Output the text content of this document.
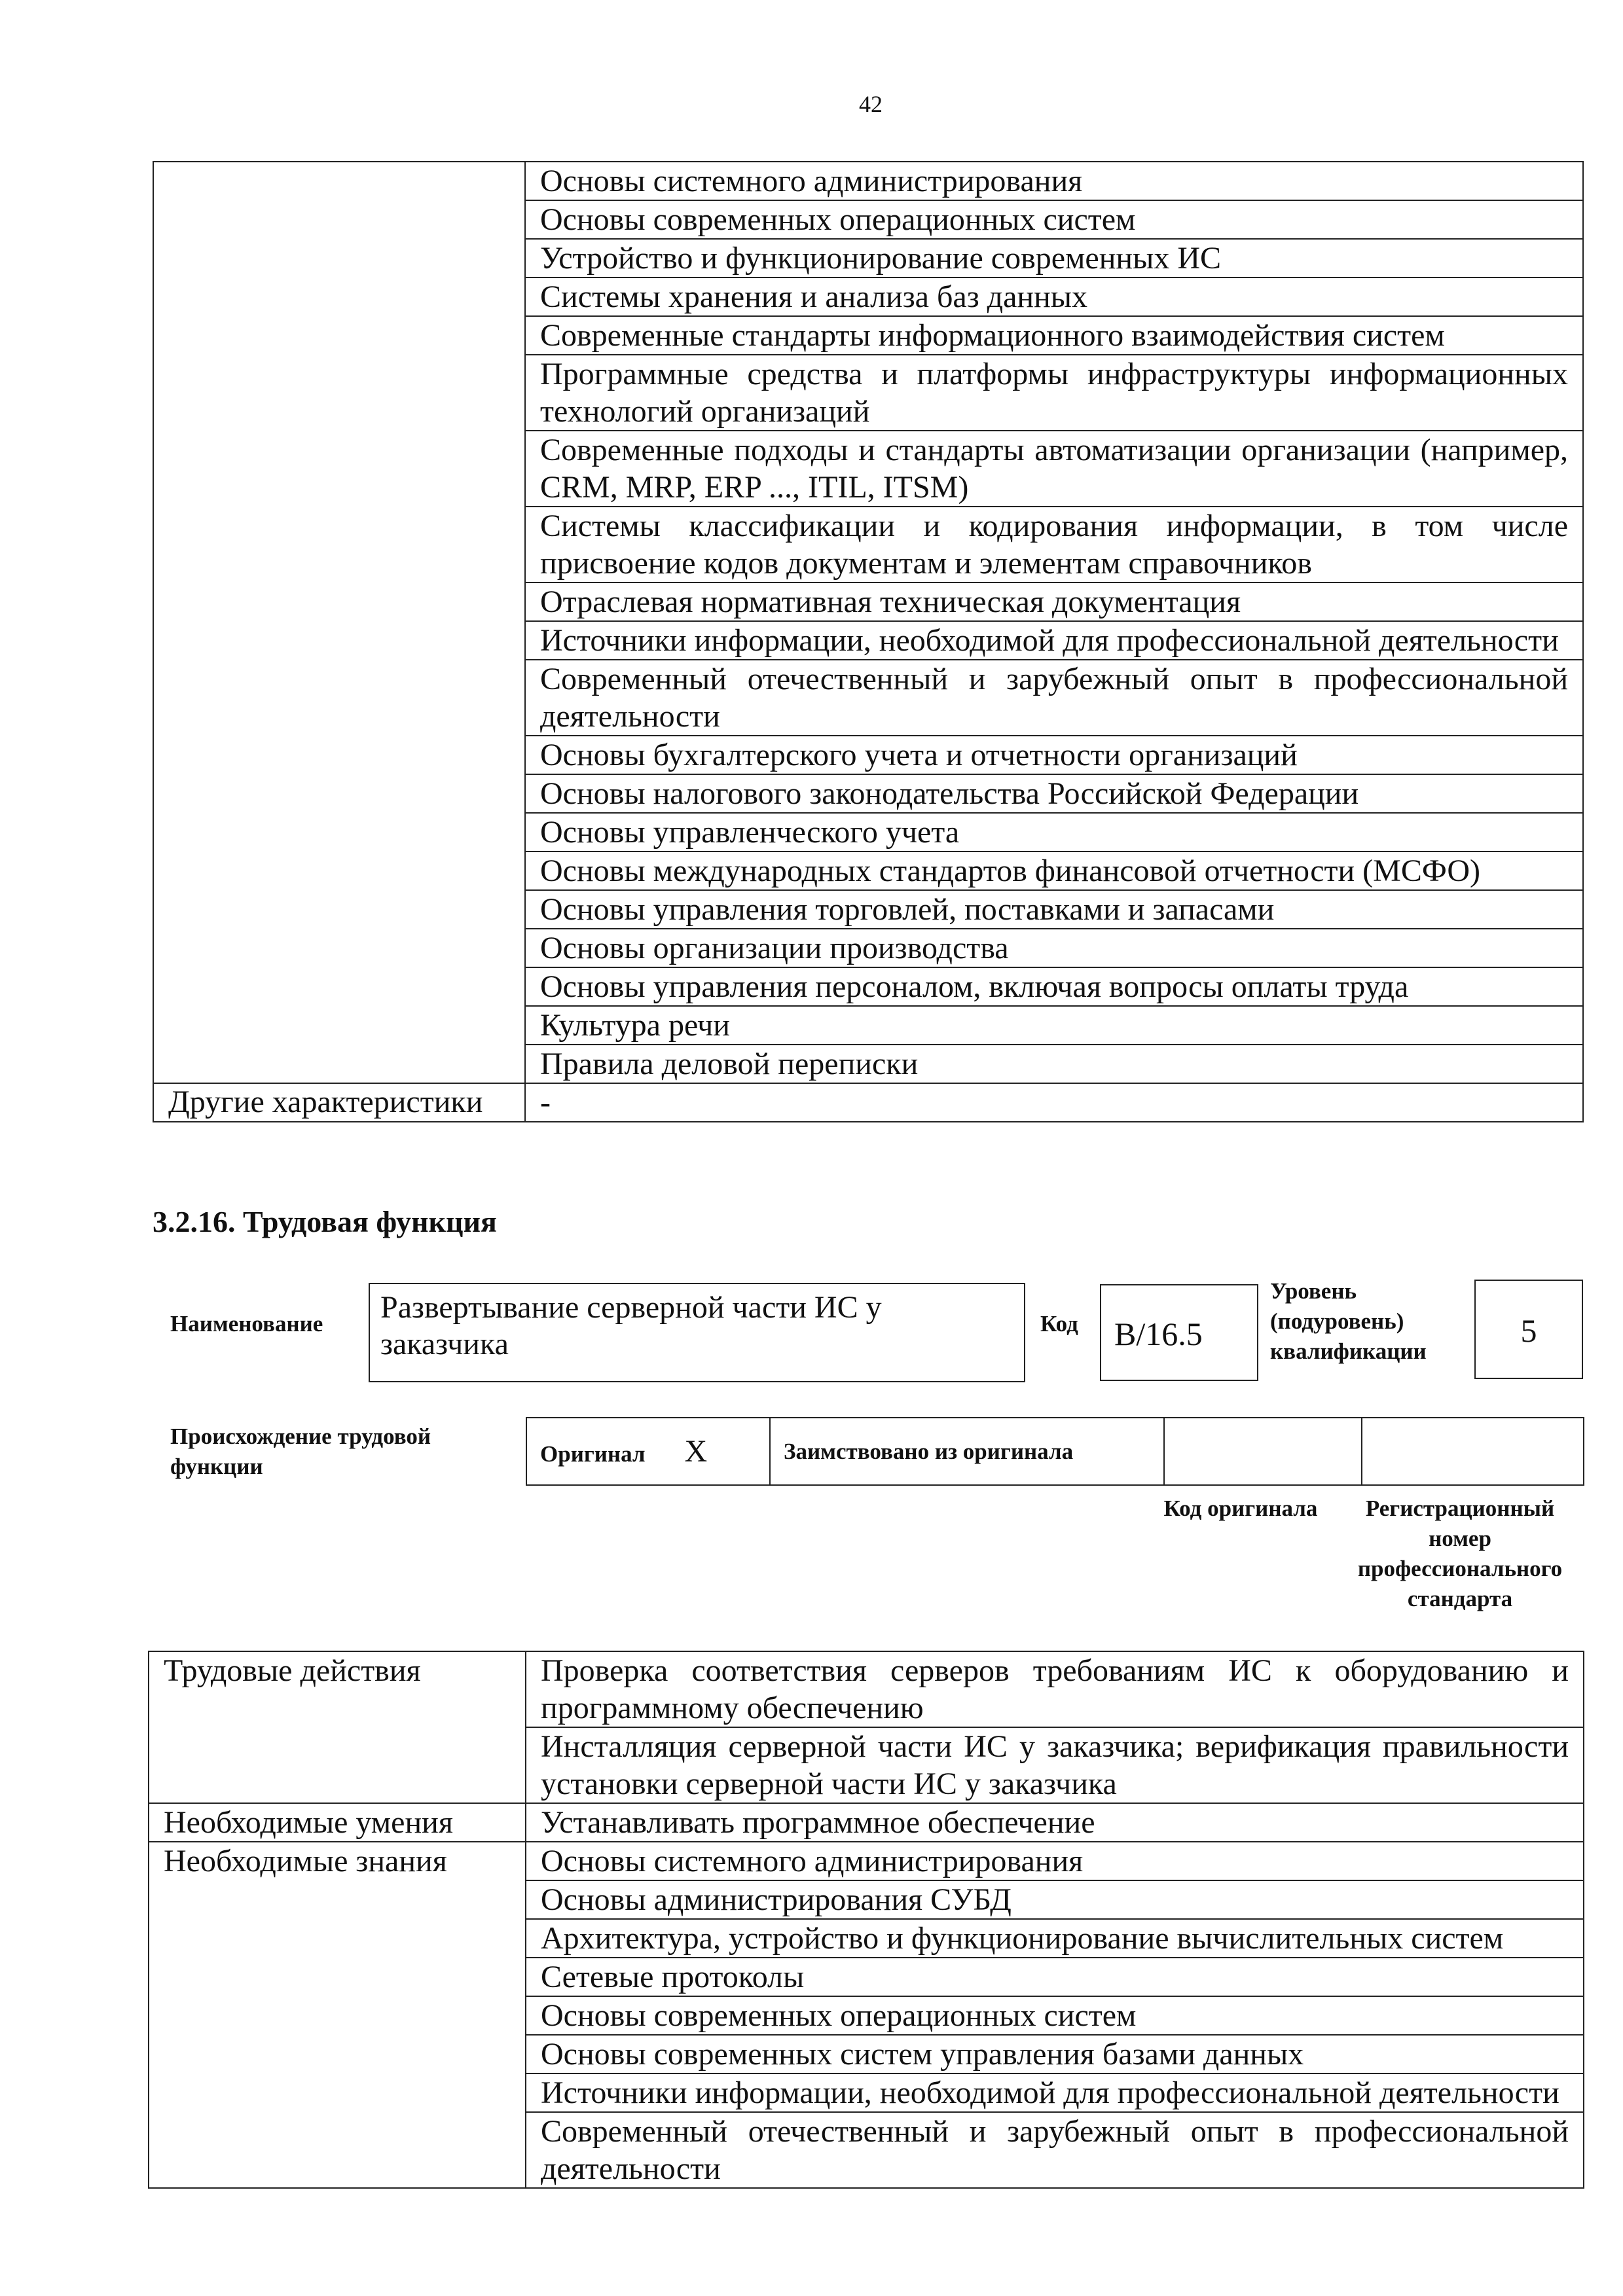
42
	Основы системного администрирования
	Основы современных операционных систем
	Устройство и функционирование современных ИС
	Системы хранения и анализа баз данных
	Современные стандарты информационного взаимодействия систем
	Программные средства и платформы инфраструктуры информационных технологий организаций
	Современные подходы и стандарты автоматизации организации (например, CRM, MRP, ERP ..., ITIL, ITSM)
	Системы классификации и кодирования информации, в том числе присвоение кодов документам и элементам справочников
	Отраслевая нормативная техническая документация
	Источники информации, необходимой для профессиональной деятельности
	Современный отечественный и зарубежный опыт в профессиональной деятельности
	Основы бухгалтерского учета и отчетности организаций
	Основы налогового законодательства Российской Федерации
	Основы управленческого учета
	Основы международных стандартов финансовой отчетности (МСФО)
	Основы управления торговлей, поставками и запасами
	Основы организации производства
	Основы управления персоналом, включая вопросы оплаты труда
	Культура речи
	Правила деловой переписки
Другие характеристики	-
3.2.16. Трудовая функция
Наименование	Развертывание серверной части ИС у заказчика
Код	B/16.5
Уровень (подуровень) квалификации
5
Происхождение трудовой функции	Оригинал X	Заимствовано из оригинала		
Код оригинала	Регистрационный номер профессионального стандарта
Трудовые действия	Проверка соответствия серверов требованиям ИС к оборудованию и программному обеспечению
	Инсталляция серверной части ИС у заказчика; верификация правильности установки серверной части ИС у заказчика
Необходимые умения	Устанавливать программное обеспечение
Необходимые знания	Основы системного администрирования
	Основы администрирования СУБД
	Архитектура, устройство и функционирование вычислительных систем
	Сетевые протоколы
	Основы современных операционных систем
	Основы современных систем управления базами данных
	Источники информации, необходимой для профессиональной деятельности
	Современный отечественный и зарубежный опыт в профессиональной деятельности
